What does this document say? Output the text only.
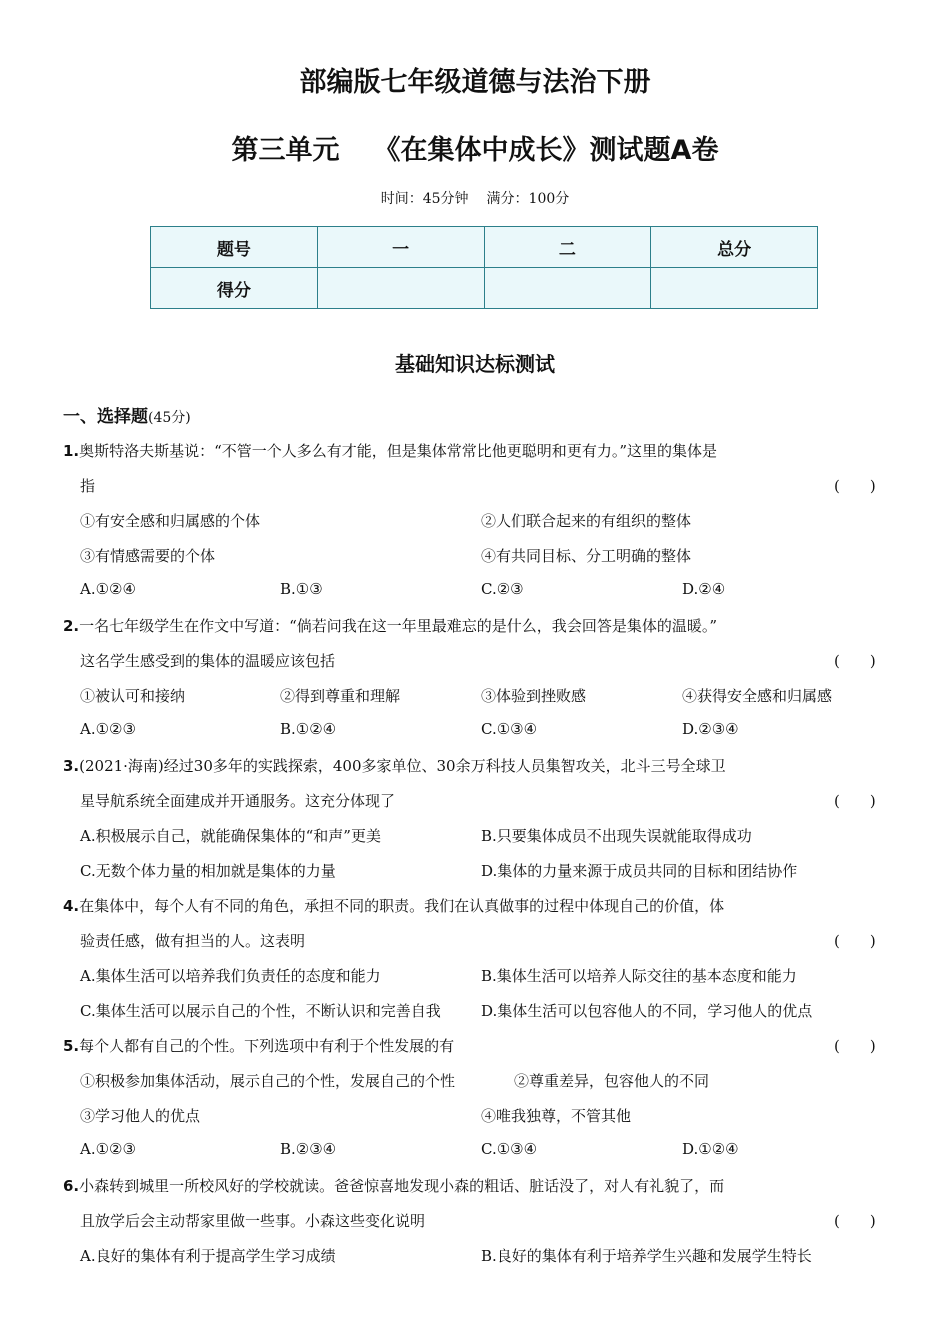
部编版七年级道德与法治下册
第三单元 《在集体中成长》测试题A卷
时间：45分钟 满分：100分
题号	一	二	总分
得分			
基础知识达标测试
一、选择题(45分)
1.奥斯特洛夫斯基说：“不管一个人多么有才能，但是集体常常比他更聪明和更有力。”这里的集体是
指	(　　)
①有安全感和归属感的个体	②人们联合起来的有组织的整体
③有情感需要的个体	④有共同目标、分工明确的整体
A.①②④	B.①③	C.②③	D.②④
2.一名七年级学生在作文中写道：“倘若问我在这一年里最难忘的是什么，我会回答是集体的温暖。”
这名学生感受到的集体的温暖应该包括	(　　)
①被认可和接纳	②得到尊重和理解	③体验到挫败感	④获得安全感和归属感
A.①②③	B.①②④	C.①③④	D.②③④
3.(2021·海南)经过30多年的实践探索，400多家单位、30余万科技人员集智攻关，北斗三号全球卫
星导航系统全面建成并开通服务。这充分体现了	(　　)
A.积极展示自己，就能确保集体的“和声”更美	B.只要集体成员不出现失误就能取得成功
C.无数个体力量的相加就是集体的力量	D.集体的力量来源于成员共同的目标和团结协作
4.在集体中，每个人有不同的角色，承担不同的职责。我们在认真做事的过程中体现自己的价值，体
验责任感，做有担当的人。这表明	(　　)
A.集体生活可以培养我们负责任的态度和能力	B.集体生活可以培养人际交往的基本态度和能力
C.集体生活可以展示自己的个性，不断认识和完善自我	D.集体生活可以包容他人的不同，学习他人的优点
5.每个人都有自己的个性。下列选项中有利于个性发展的有	(　　)
①积极参加集体活动，展示自己的个性，发展自己的个性	②尊重差异，包容他人的不同
③学习他人的优点	④唯我独尊，不管其他
A.①②③	B.②③④	C.①③④	D.①②④
6.小森转到城里一所校风好的学校就读。爸爸惊喜地发现小森的粗话、脏话没了，对人有礼貌了，而
且放学后会主动帮家里做一些事。小森这些变化说明	(　　)
A.良好的集体有利于提高学生学习成绩	B.良好的集体有利于培养学生兴趣和发展学生特长
